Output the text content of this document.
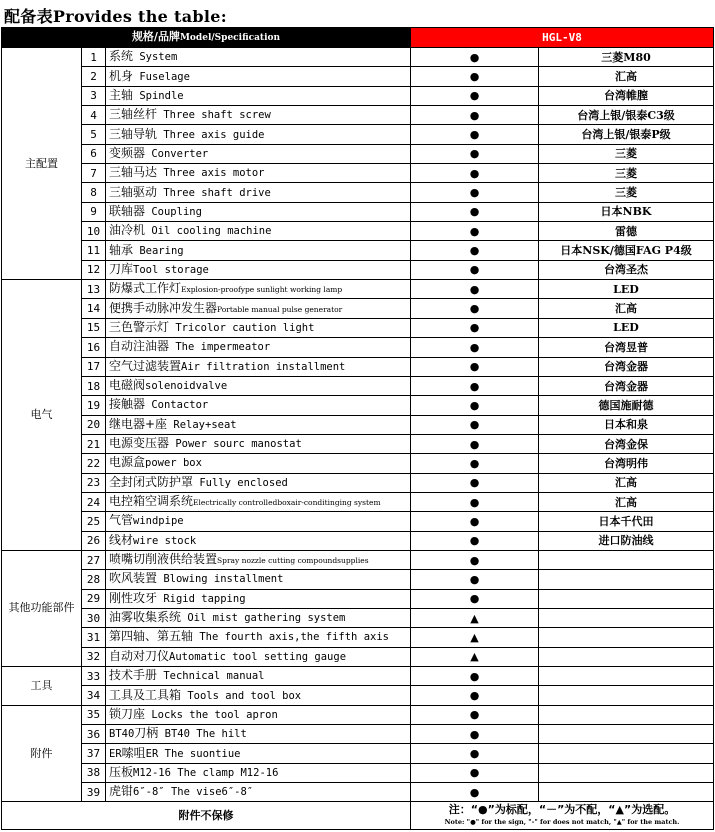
配备表Provides the table:
规格/品牌Model/Specification			HGL-V8	
主配置	1	系统 System	●	三菱M80
	2	机身 Fuselage	●	汇高
	3	主轴 Spindle	●	台湾帷膣
	4	三轴丝杆 Three shaft screw	●	台湾上银/银泰C3级
	5	三轴导轨 Three axis guide	●	台湾上银/银泰P级
	6	变频器 Converter	●	三菱
	7	三轴马达 Three axis motor	●	三菱
	8	三轴驱动 Three shaft drive	●	三菱
	9	联轴器 Coupling	●	日本NBK
	10	油冷机 Oil cooling machine	●	雷德
	11	轴承 Bearing	●	日本NSK/德国FAG P4级
	12	刀库Tool storage	●	台湾圣杰
电气	13	防爆式工作灯Explosion-proofype sunlight working lamp	●	LED
	14	便携手动脉冲发生器Portable manual pulse generator	●	汇高
	15	三色警示灯 Tricolor caution light	●	LED
	16	自动注油器 The impermeator	●	台湾昱普
	17	空气过滤装置Air filtration installment	●	台湾金器
	18	电磁阀solenoidvalve	●	台湾金器
	19	接触器 Contactor	●	德国施耐德
	20	继电器+座 Relay+seat	●	日本和泉
	21	电源变压器 Power sourc manostat	●	台湾金保
	22	电源盒power box	●	台湾明伟
	23	全封闭式防护罩 Fully enclosed	●	汇高
	24	电控箱空调系统Electrically controlledboxair-conditinging system	●	汇高
	25	气管windpipe	●	日本千代田
	26	线材wire stock	●	进口防油线
其他功能部件	27	喷嘴切削液供给装置Spray nozzle cutting compoundsupplies	●	
	28	吹风装置 Blowing installment	●	
	29	刚性攻牙 Rigid tapping	●	
	30	油雾收集系统 Oil mist gathering system	▲	
	31	第四轴、第五轴 The fourth axis,the fifth axis	▲	
	32	自动对刀仪Automatic tool setting gauge	▲	
工具	33	技术手册 Technical manual	●	
	34	工具及工具箱 Tools and tool box	●	
附件	35	锁刀座 Locks the tool apron	●	
	36	BT40刀柄 BT40 The hilt	●	
	37	ER嗦咀ER The suontiue	●	
	38	压板M12-16 The clamp M12-16	●	
	39	虎钳6″-8″ The vise6″-8″	●	
附件不保修			注：“●”为标配，“－”为不配，“▲”为选配。
Note: "●" for the sign, "-" for does not match, "▲" for the match.	
